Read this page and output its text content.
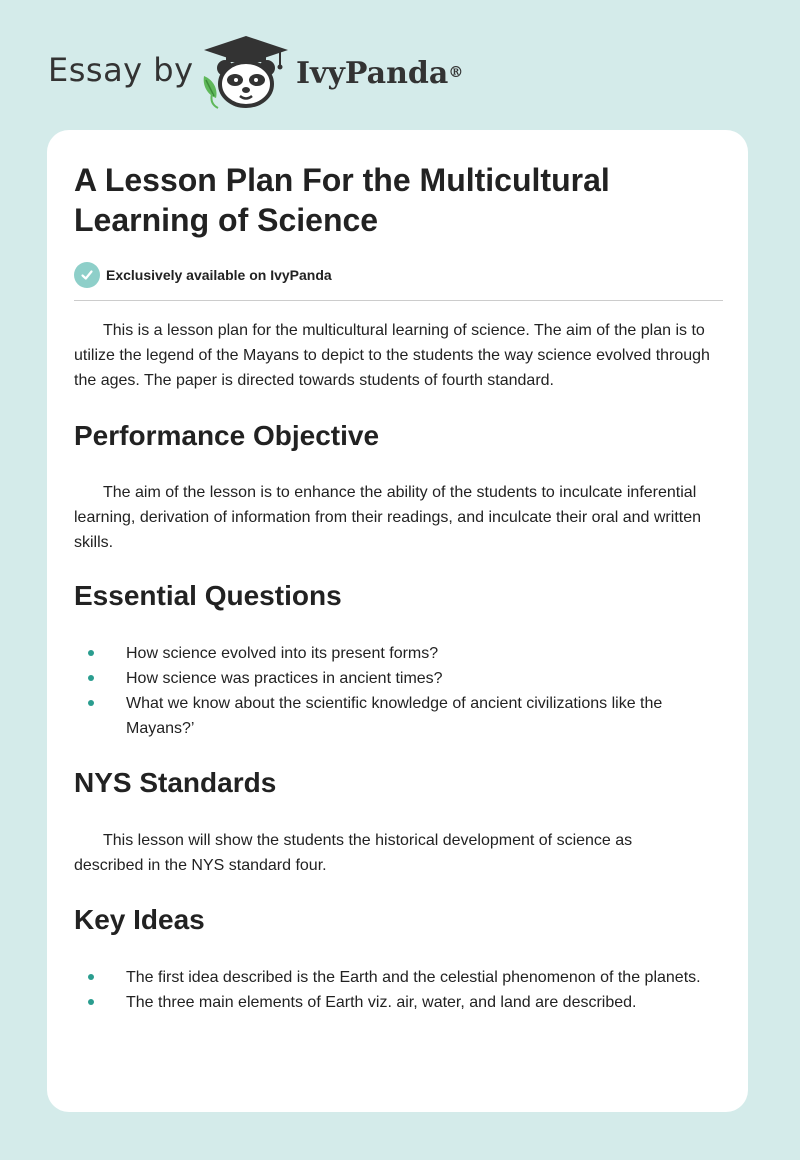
Essay by	IvyPanda®
A Lesson Plan For the Multicultural Learning of Science
Exclusively available on IvyPanda

This is a lesson plan for the multicultural learning of science. The aim of the plan is to utilize the legend of the Mayans to depict to the students the way science evolved through the ages. The paper is directed towards students of fourth standard.

Performance Objective

The aim of the lesson is to enhance the ability of the students to inculcate inferential learning, derivation of information from their readings, and inculcate their oral and written skills.

Essential Questions
How science evolved into its present forms?
How science was practices in ancient times?
What we know about the scientific knowledge of ancient civilizations like the Mayans?’
NYS Standards

This lesson will show the students the historical development of science as described in the NYS standard four.

Key Ideas
The first idea described is the Earth and the celestial phenomenon of the planets.
The three main elements of Earth viz. air, water, and land are described.
